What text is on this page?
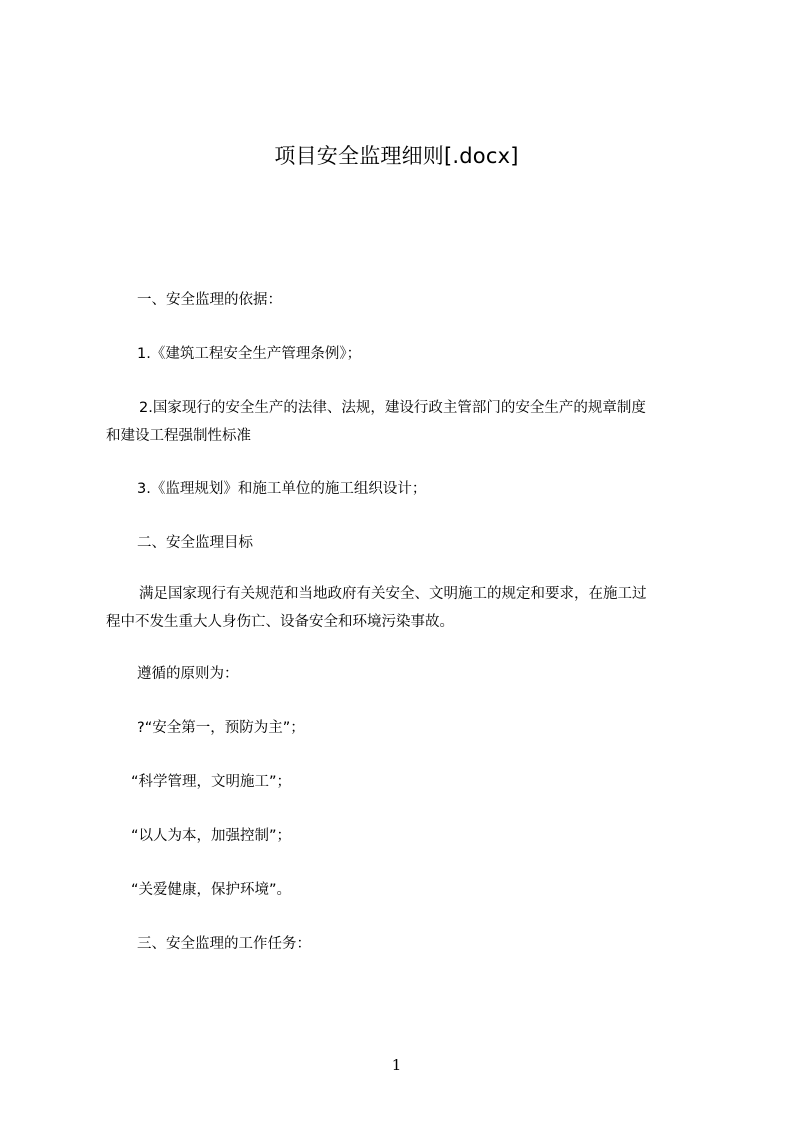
项目安全监理细则[.docx]
一、安全监理的依据：
1.《建筑工程安全生产管理条例》；
2.国家现行的安全生产的法律、法规，建设行政主管部门的安全生产的规章制度
和建设工程强制性标准
3.《监理规划》和施工单位的施工组织设计；
二、安全监理目标
满足国家现行有关规范和当地政府有关安全、文明施工的规定和要求，在施工过
程中不发生重大人身伤亡、设备安全和环境污染事故。
遵循的原则为：
?“安全第一，预防为主”；
“科学管理，文明施工”；
“以人为本，加强控制”；
“关爱健康，保护环境”。
三、安全监理的工作任务：
1
